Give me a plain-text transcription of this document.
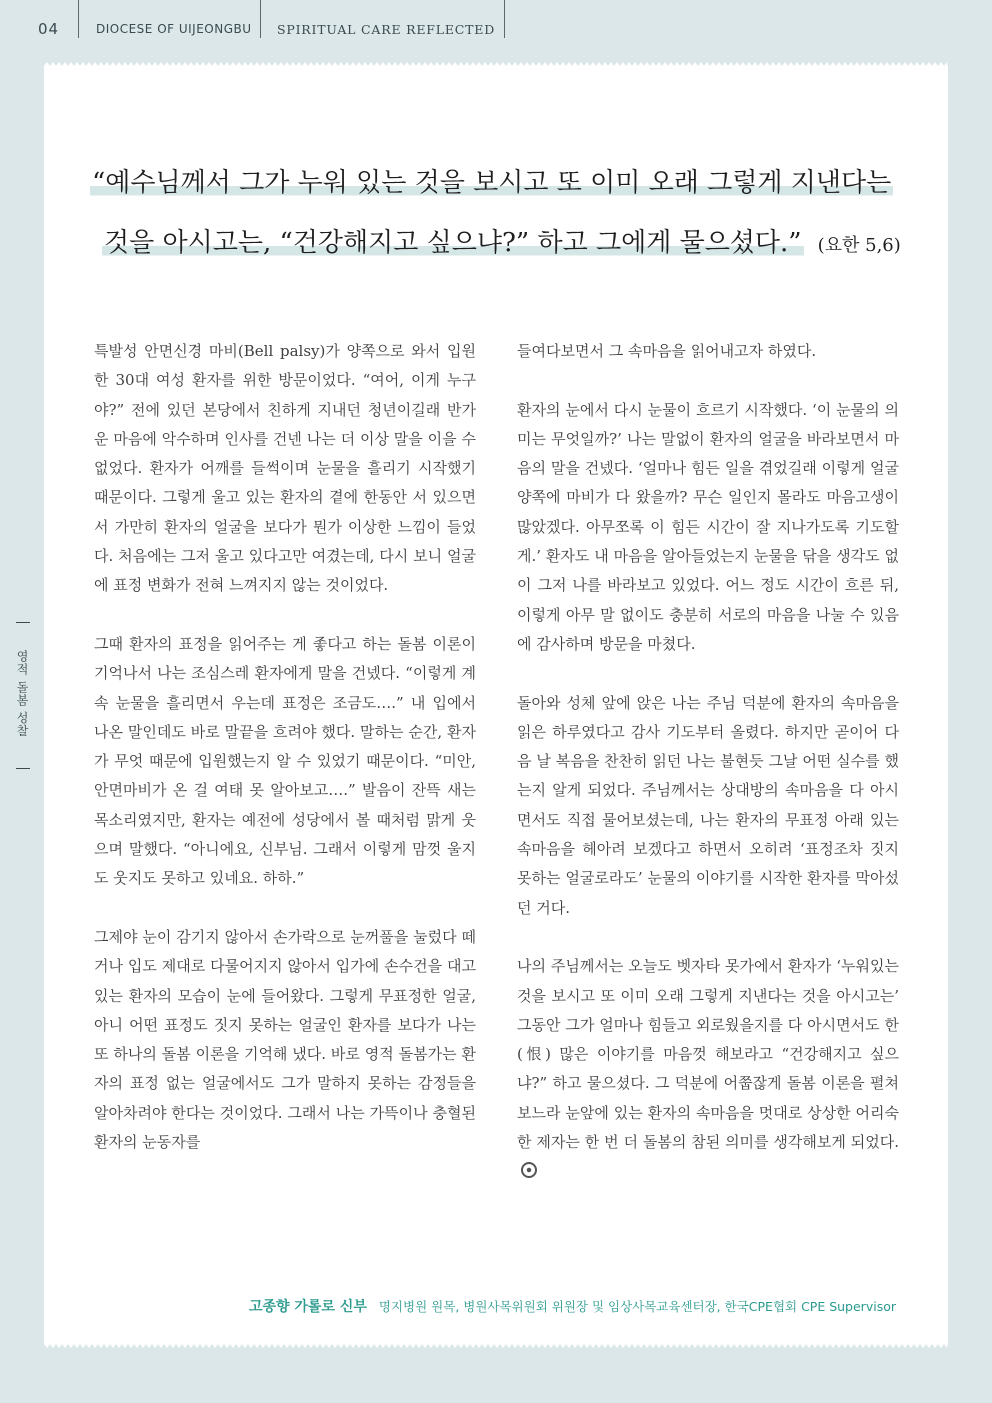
04	DIOCESE OF UIJEONGBU SPIRITUAL CARE REFLECTED
영적 돌봄 성찰
“예수님께서 그가 누워 있는 것을 보시고 또 이미 오래 그렇게 지낸다는
것을 아시고는, “건강해지고 싶으냐?” 하고 그에게 물으셨다.” (요한 5,6)

특발성 안면신경 마비(Bell palsy)가 양쪽으로 와서 입원한 30대 여성 환자를 위한 방문이었다. “여어, 이게 누구야?” 전에 있던 본당에서 친하게 지내던 청년이길래 반가운 마음에 악수하며 인사를 건넨 나는 더 이상 말을 이을 수 없었다. 환자가 어깨를 들썩이며 눈물을 흘리기 시작했기 때문이다. 그렇게 울고 있는 환자의 곁에 한동안 서 있으면서 가만히 환자의 얼굴을 보다가 뭔가 이상한 느낌이 들었다. 처음에는 그저 울고 있다고만 여겼는데, 다시 보니 얼굴에 표정 변화가 전혀 느껴지지 않는 것이었다.

그때 환자의 표정을 읽어주는 게 좋다고 하는 돌봄 이론이 기억나서 나는 조심스레 환자에게 말을 건넸다. “이렇게 계속 눈물을 흘리면서 우는데 표정은 조금도….” 내 입에서 나온 말인데도 바로 말끝을 흐려야 했다. 말하는 순간, 환자가 무엇 때문에 입원했는지 알 수 있었기 때문이다. “미안, 안면마비가 온 걸 여태 못 알아보고….” 발음이 잔뜩 새는 목소리였지만, 환자는 예전에 성당에서 볼 때처럼 맑게 웃으며 말했다. “아니에요, 신부님. 그래서 이렇게 맘껏 울지도 웃지도 못하고 있네요. 하하.”

그제야 눈이 감기지 않아서 손가락으로 눈꺼풀을 눌렀다 떼거나 입도 제대로 다물어지지 않아서 입가에 손수건을 대고 있는 환자의 모습이 눈에 들어왔다. 그렇게 무표정한 얼굴, 아니 어떤 표정도 짓지 못하는 얼굴인 환자를 보다가 나는 또 하나의 돌봄 이론을 기억해 냈다. 바로 영적 돌봄가는 환자의 표정 없는 얼굴에서도 그가 말하지 못하는 감정들을 알아차려야 한다는 것이었다. 그래서 나는 가뜩이나 충혈된 환자의 눈동자를

들여다보면서 그 속마음을 읽어내고자 하였다.

환자의 눈에서 다시 눈물이 흐르기 시작했다. ‘이 눈물의 의미는 무엇일까?’ 나는 말없이 환자의 얼굴을 바라보면서 마음의 말을 건넸다. ‘얼마나 힘든 일을 겪었길래 이렇게 얼굴 양쪽에 마비가 다 왔을까? 무슨 일인지 몰라도 마음고생이 많았겠다. 아무쪼록 이 힘든 시간이 잘 지나가도록 기도할게.’ 환자도 내 마음을 알아들었는지 눈물을 닦을 생각도 없이 그저 나를 바라보고 있었다. 어느 정도 시간이 흐른 뒤, 이렇게 아무 말 없이도 충분히 서로의 마음을 나눌 수 있음에 감사하며 방문을 마쳤다.

돌아와 성체 앞에 앉은 나는 주님 덕분에 환자의 속마음을 읽은 하루였다고 감사 기도부터 올렸다. 하지만 곧이어 다음 날 복음을 찬찬히 읽던 나는 불현듯 그날 어떤 실수를 했는지 알게 되었다. 주님께서는 상대방의 속마음을 다 아시면서도 직접 물어보셨는데, 나는 환자의 무표정 아래 있는 속마음을 헤아려 보겠다고 하면서 오히려 ‘표정조차 짓지 못하는 얼굴로라도’ 눈물의 이야기를 시작한 환자를 막아섰던 거다.

나의 주님께서는 오늘도 벳자타 못가에서 환자가 ‘누워있는 것을 보시고 또 이미 오래 그렇게 지낸다는 것을 아시고는’ 그동안 그가 얼마나 힘들고 외로웠을지를 다 아시면서도 한(恨) 많은 이야기를 마음껏 해보라고 “건강해지고 싶으냐?” 하고 물으셨다. 그 덕분에 어쭙잖게 돌봄 이론을 펼쳐보느라 눈앞에 있는 환자의 속마음을 멋대로 상상한 어리숙한 제자는 한 번 더 돌봄의 참된 의미를 생각해보게 되었다.

고종향 가롤로 신부 명지병원 원목, 병원사목위원회 위원장 및 임상사목교육센터장, 한국CPE협회 CPE Supervisor
